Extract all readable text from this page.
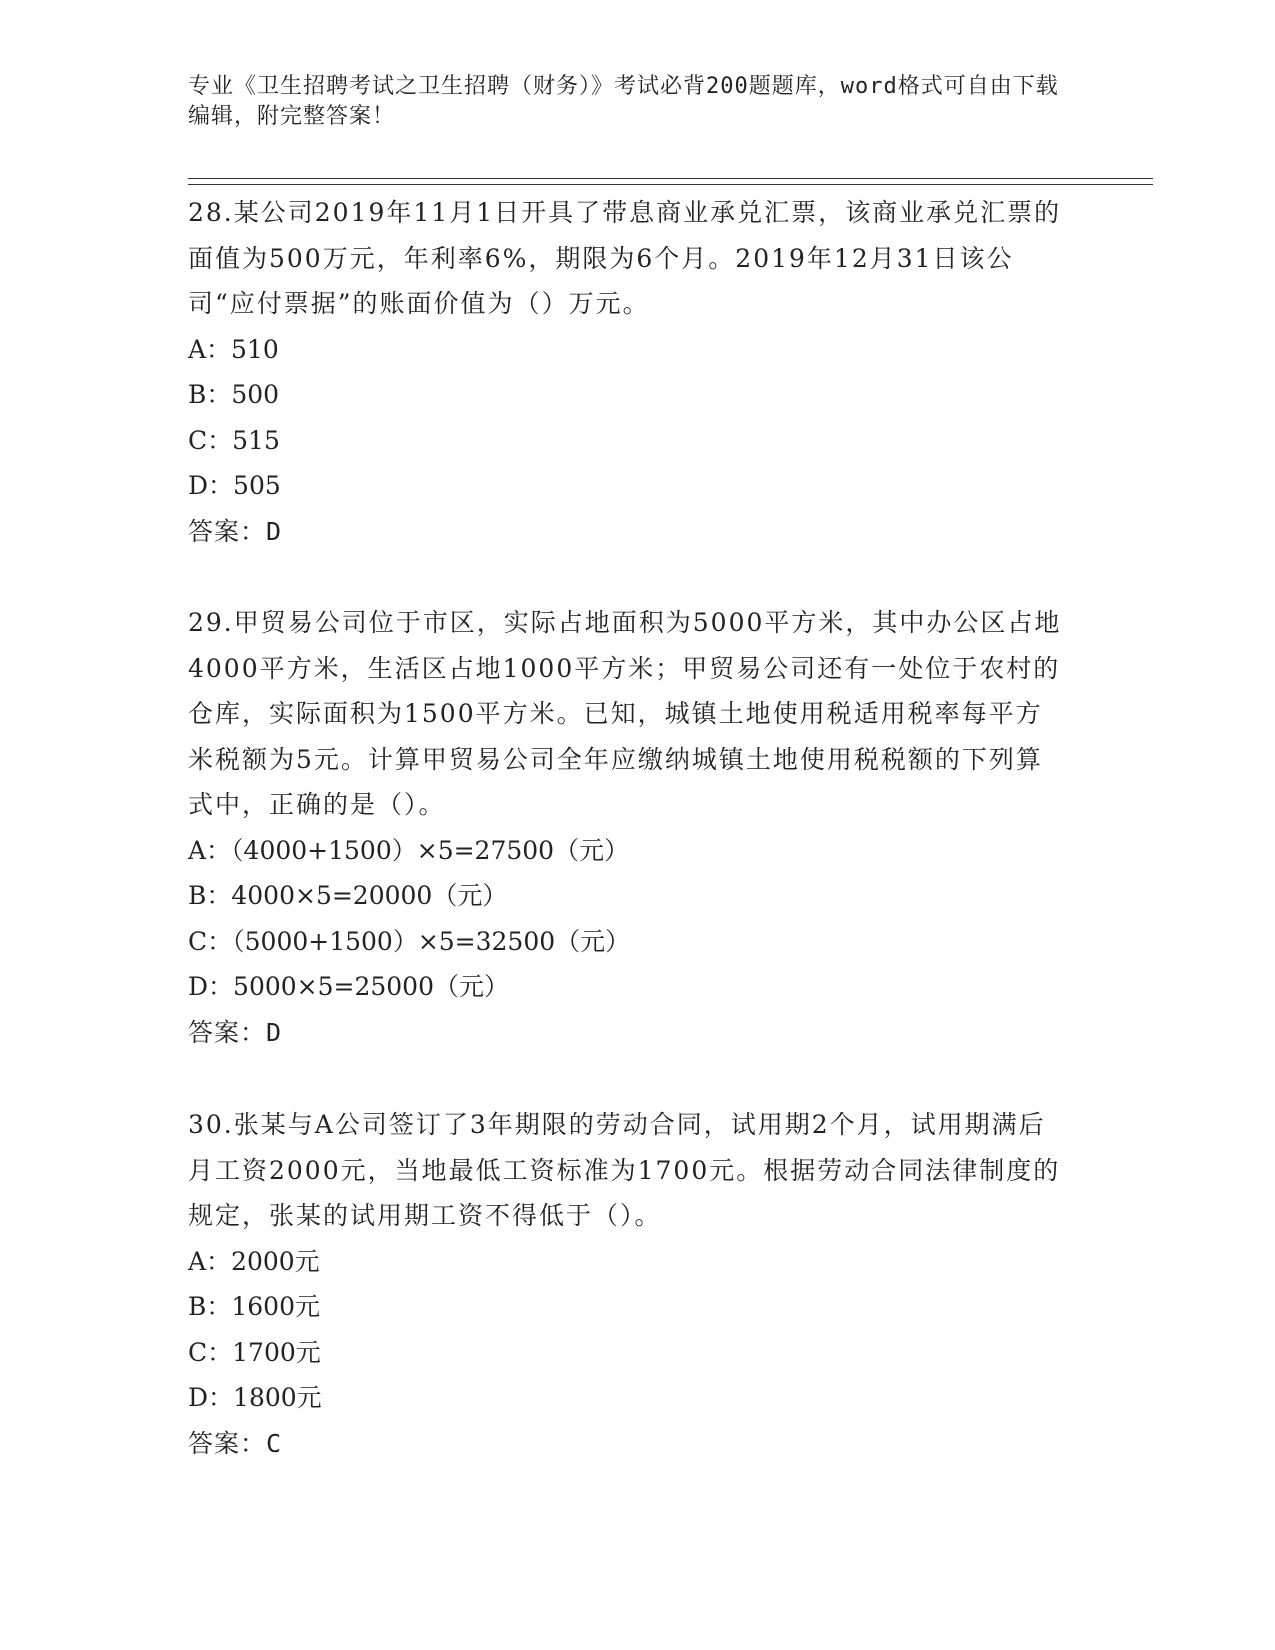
专业《卫生招聘考试之卫生招聘（财务）》考试必背200题题库，word格式可自由下载编辑，附完整答案！

28.某公司2019年11月1日开具了带息商业承兑汇票，该商业承兑汇票的面值为500万元，年利率6%，期限为6个月。2019年12月31日该公司“应付票据”的账面价值为（）万元。

A：510

B：500

C：515

D：505

答案：D

29.甲贸易公司位于市区，实际占地面积为5000平方米，其中办公区占地4000平方米，生活区占地1000平方米；甲贸易公司还有一处位于农村的仓库，实际面积为1500平方米。已知，城镇土地使用税适用税率每平方米税额为5元。计算甲贸易公司全年应缴纳城镇土地使用税税额的下列算式中，正确的是（）。

A：（4000+1500）×5=27500（元）

B：4000×5=20000（元）

C：（5000+1500）×5=32500（元）

D：5000×5=25000（元）

答案：D

30.张某与A公司签订了3年期限的劳动合同，试用期2个月，试用期满后月工资2000元，当地最低工资标准为1700元。根据劳动合同法律制度的规定，张某的试用期工资不得低于（）。

A：2000元

B：1600元

C：1700元

D：1800元

答案：C
